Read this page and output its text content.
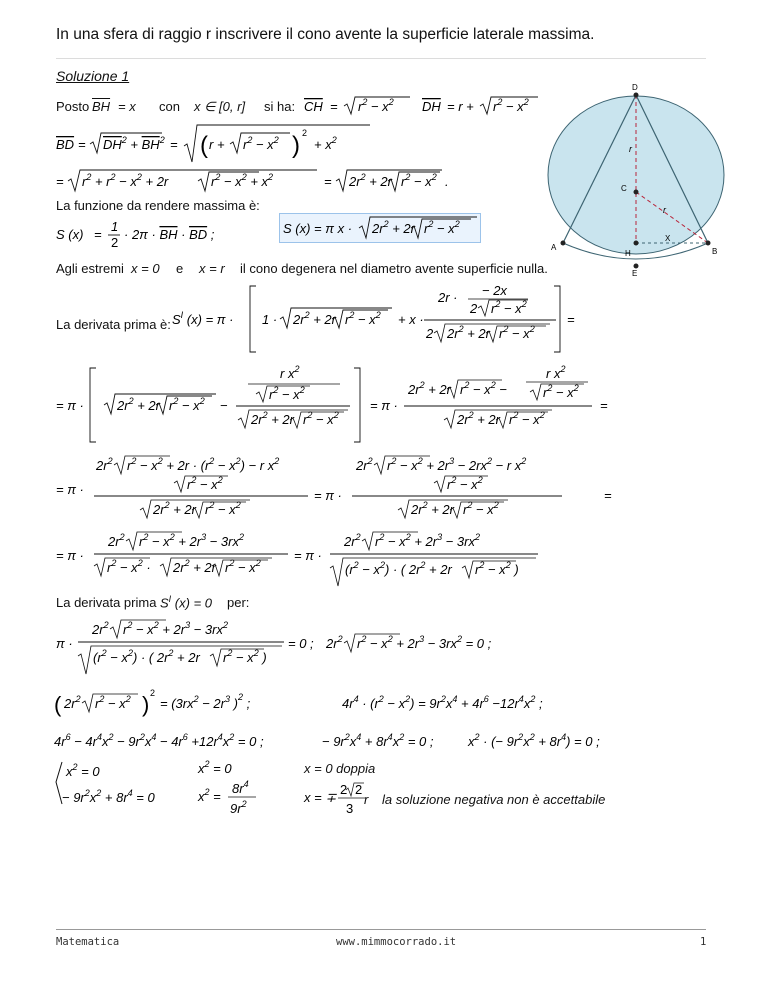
In una sfera di raggio r inscrivere il cono avente la superficie laterale massima.
Soluzione 1
D
r
C
r
A
H
X
B
E
Posto $\overline{BH} = x$ con x ∈ [0, r] si ha: CH = $r^2 - x^2$ DH = $r + r^2 - x^2$
BD = $DH^2 + BH^2$ = ( $r + r^2 - x^2$ ) 2
+ $x^2$
= $r^2 + r^2 - x^2 + 2r$	$r^2 - x^2 + x^2$	= $2r^2 + 2r$ $r^2 - x^2$ .
La funzione da rendere massima è:
S (x) =
1
2
· 2π · BH · BD ;	S (x) = π $x \cdot 2r^2 + 2r$ $r^2 - x^2$
Agli estremi x = 0 e x = r il cono degenera nel diametro avente superficie nulla.
La derivata prima è: $S^I$ $(x) = \pi \cdot 1 \cdot 2r^2 + 2r$ $r^2 - x^2 + x$ ·
2r · − 2x
2 $r^2 - x^2$
2 $2r^2 + 2r$ $r^2 - x^2$
=
= π ·	$2r^2 + 2r$ $r^2 - x^2$ −
r $x^2$
$r^2 - x^2$
$2r^2 + 2r$ $r^2 - x^2$
= π ·
$2r^2 + 2r$ $r^2 - x^2$ −
r $x^2$
$r^2 - x^2$
$2r^2 + 2r$ $r^2 - x^2$
=
= π ·
$2r^2$ $r^2 - x^2 + 2r \cdot (r^2 - x^2) - r$ $x^2$
$r^2 - x^2$
$2r^2 + 2r$ $r^2 - x^2$
= π ·
$2r^2$ $r^2 - x^2 + 2r^3 - 2rx^2 - r$ $x^2$
$r^2 - x^2$
$2r^2 + 2r$ $r^2 - x^2$
=
= π ·
$2r^2$ $r^2 - x^2 + 2r^3 - 3rx^2$
$r^2 - x^2 \cdot 2r^2 + 2r$ $r^2 - x^2$	= π ·
$2r^2$ $r^2 - x^2 + 2r^3 - 3rx^2$
$(r^2 - x^2)$ · ( $2r^2 + 2r$ $r^2 - x^2$ )
La derivata prima $S^I$ (x) = 0 per:
π ·
$2r^2$ $r^2 - x^2 + 2r^3 - 3rx^2$
$(r^2 - x^2)$ · ( $2r^2 + 2r$ $r^2 - x^2$ )
= 0 ; $2r^2$ $r^2 - x^2 + 2r^3 - 3rx^2 = 0$ ;
( $2r^2$ $r^2 - x^2$ ) 2
= ($3rx^2 - 2r^3$ )$^2$ ;	$4r^4 \cdot (r^2 - x^2) = 9r^2x^4 + 4r^6 -12r^4x^2$ ;
$4r^6 - 4r^4x^2 - 9r^2x^4 - 4r^6 +12r^4x^2 = 0$ ;	− $9r^2x^4 + 8r^4x^2 = 0$ ;	$x^2$ · (− $9r^2x^2 + 8r^4) = 0$ ;
$x^2 = 0$
− $9r^2x^2 + 8r^4 = 0$
$x^2 = 0$
$x^2$ =
$8r^4$
$9r^2$
x = 0 doppia
x = ∓
2 2
3
r la soluzione negativa non è accettabile
Matematica	www.mimmocorrado.it	1
